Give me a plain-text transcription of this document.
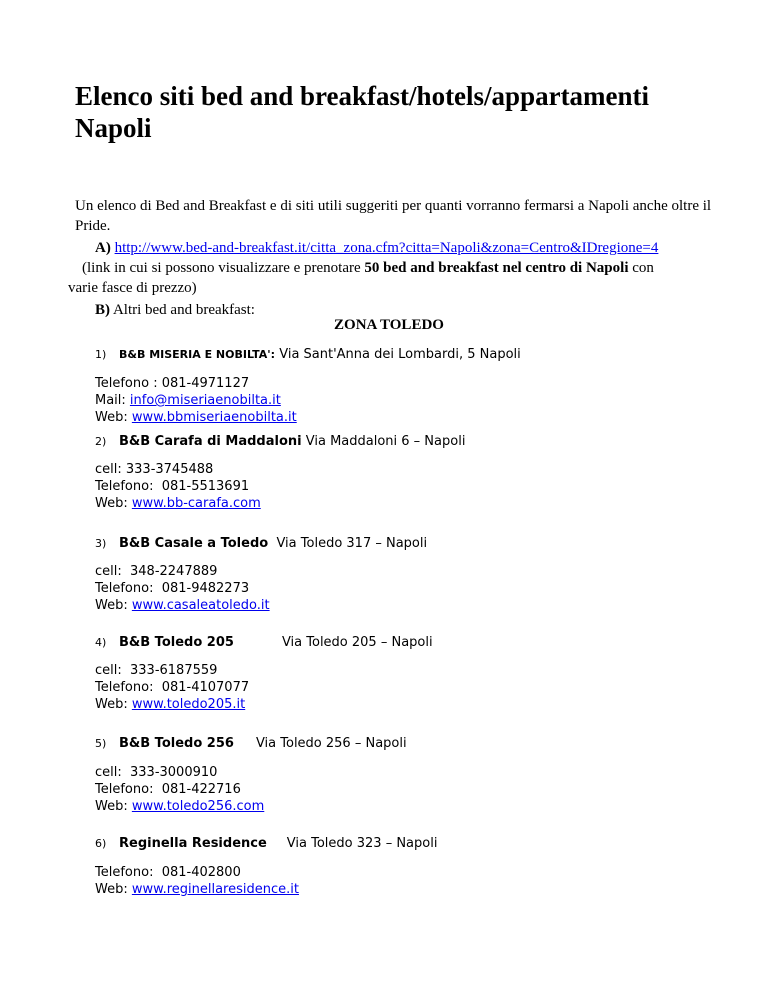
Elenco siti bed and breakfast/hotels/appartamenti Napoli

Un elenco di Bed and Breakfast e di siti utili suggeriti per quanti vorranno fermarsi a Napoli anche oltre il Pride.

A) http://www.bed-and-breakfast.it/citta_zona.cfm?citta=Napoli&zona=Centro&IDregione=4
(link in cui si possono visualizzare e prenotare 50 bed and breakfast nel centro di Napoli con
varie fasce di prezzo)

B) Altri bed and breakfast:

ZONA TOLEDO

1) B&B MISERIA E NOBILTA': Via Sant'Anna dei Lombardi, 5 Napoli
Telefono : 081-4971127
Mail: info@miseriaenobilta.it
Web: www.bbmiseriaenobilta.it
2) B&B Carafa di Maddaloni Via Maddaloni 6 – Napoli
cell: 333-3745488
Telefono:  081-5513691
Web: www.bb-carafa.com
3) B&B Casale a Toledo Via Toledo 317 – Napoli
cell:  348-2247889
Telefono:  081-9482273
Web: www.casaleatoledo.it
4) B&B Toledo 205	Via Toledo 205 – Napoli
cell:  333-6187559
Telefono:  081-4107077
Web: www.toledo205.it
5) B&B Toledo 256 Via Toledo 256 – Napoli
cell:  333-3000910
Telefono:  081-422716
Web: www.toledo256.com
6) Reginella Residence Via Toledo 323 – Napoli
Telefono:  081-402800
Web: www.reginellaresidence.it
